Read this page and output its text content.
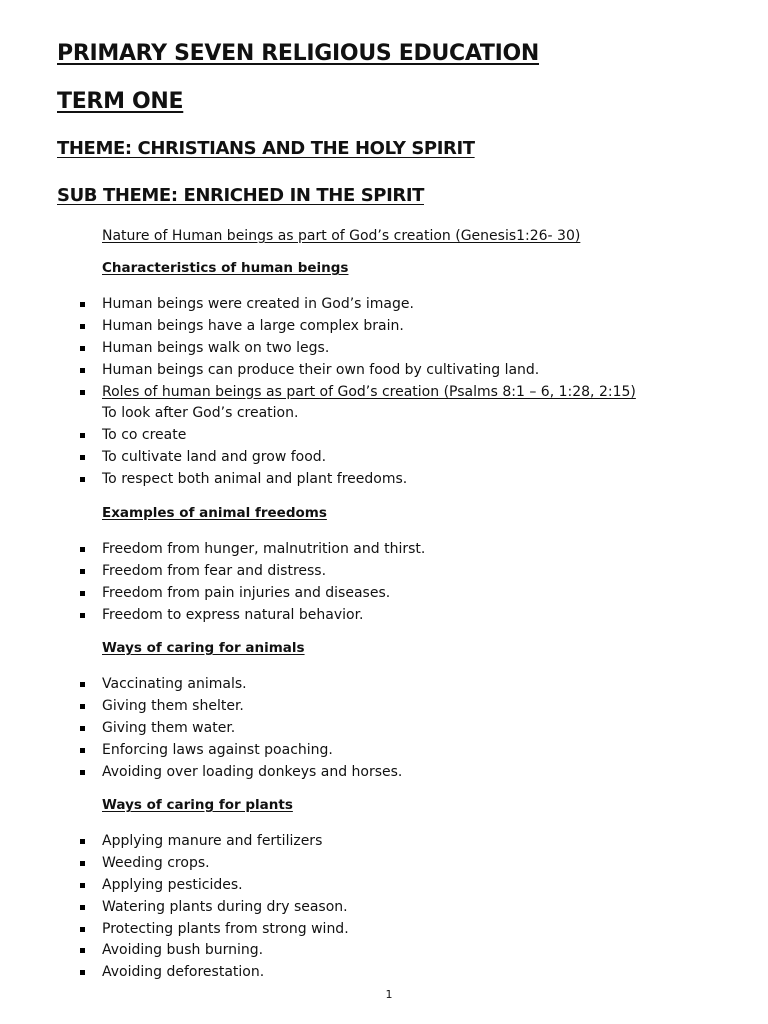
PRIMARY SEVEN RELIGIOUS EDUCATION
TERM ONE
THEME: CHRISTIANS AND THE HOLY SPIRIT
SUB THEME: ENRICHED IN THE SPIRIT
Nature of Human beings as part of God’s creation (Genesis1:26- 30)
Characteristics of human beings
Human beings were created in God’s image.
Human beings have a large complex brain.
Human beings walk on two legs.
Human beings can produce their own food by cultivating land.
Roles of human beings as part of God’s creation (Psalms 8:1 – 6, 1:28, 2:15)
To look after God’s creation.
To co create
To cultivate land and grow food.
To respect both animal and plant freedoms.
Examples of animal freedoms
Freedom from hunger, malnutrition and thirst.
Freedom from fear and distress.
Freedom from pain injuries and diseases.
Freedom to express natural behavior.
Ways of caring for animals
Vaccinating animals.
Giving them shelter.
Giving them water.
Enforcing laws against poaching.
Avoiding over loading donkeys and horses.
Ways of caring for plants
Applying manure and fertilizers
Weeding crops.
Applying pesticides.
Watering plants during dry season.
Protecting plants from strong wind.
Avoiding bush burning.
Avoiding deforestation.
1
